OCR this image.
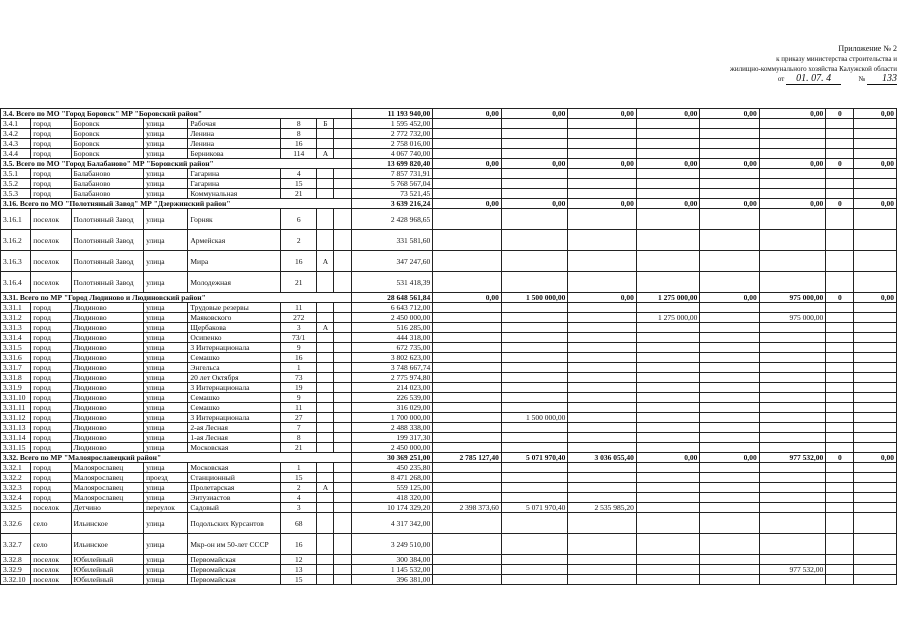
Приложение № 2
к приказу министерства строительства и
жилищно-коммунального хозяйства Калужской области
от 01. 07. 4	№ 133
3.4. Всего по МО "Город Боровск" МР "Боровский район"								11 193 940,00	0,00	0,00	0,00	0,00	0,00	0,00	0	0,00
3.4.1	город	Боровск	улица	Рабочая	8	Б		1 595 452,00								
3.4.2	город	Боровск	улица	Ленина	8			2 772 732,00								
3.4.3	город	Боровск	улица	Ленина	16			2 758 016,00								
3.4.4	город	Боровск	улица	Берникова	114	А		4 067 740,00								
3.5. Всего по МО "Город Балабаново" МР "Боровский район"								13 699 820,40	0,00	0,00	0,00	0,00	0,00	0,00	0	0,00
3.5.1	город	Балабаново	улица	Гагарина	4			7 857 731,91								
3.5.2	город	Балабаново	улица	Гагарина	15			5 768 567,04								
3.5.3	город	Балабаново	улица	Коммунальная	21			73 521,45								
3.16. Всего по МО "Полотняный Завод" МР "Дзержинский район"								3 639 216,24	0,00	0,00	0,00	0,00	0,00	0,00	0	0,00
3.16.1	поселок	Полотняный Завод	улица	Горняк	6			2 428 968,65								
3.16.2	поселок	Полотняный Завод	улица	Армейская	2			331 581,60								
3.16.3	поселок	Полотняный Завод	улица	Мира	16	А		347 247,60								
3.16.4	поселок	Полотняный Завод	улица	Молодежная	21			531 418,39								
3.31. Всего по МР "Город Людиново и Людиновский район"								28 648 561,84	0,00	1 500 000,00	0,00	1 275 000,00	0,00	975 000,00	0	0,00
3.31.1	город	Людиново	улица	Трудовые резервы	11			6 643 712,00								
3.31.2	город	Людиново	улица	Маяковского	272			2 450 000,00				1 275 000,00		975 000,00		
3.31.3	город	Людиново	улица	Щербакова	3	А		516 285,00								
3.31.4	город	Людиново	улица	Осипенко	73/1			444 318,00								
3.31.5	город	Людиново	улица	3 Интернационала	9			672 735,00								
3.31.6	город	Людиново	улица	Семашко	16			3 802 623,00								
3.31.7	город	Людиново	улица	Энгельса	1			3 748 667,74								
3.31.8	город	Людиново	улица	20 лет Октября	73			2 775 974,80								
3.31.9	город	Людиново	улица	3 Интернационала	19			214 023,00								
3.31.10	город	Людиново	улица	Семашко	9			226 539,00								
3.31.11	город	Людиново	улица	Семашко	11			316 029,00								
3.31.12	город	Людиново	улица	3 Интернационала	27			1 700 000,00		1 500 000,00						
3.31.13	город	Людиново	улица	2-ая Лесная	7			2 488 338,00								
3.31.14	город	Людиново	улица	1-ая Лесная	8			199 317,30								
3.31.15	город	Людиново	улица	Московская	21			2 450 000,00								
3.32. Всего по МР "Малоярославецкий район"								30 369 251,00	2 785 127,40	5 071 970,40	3 036 055,40	0,00	0,00	977 532,00	0	0,00
3.32.1	город	Малоярославец	улица	Московская	1			450 235,80								
3.32.2	город	Малоярославец	проезд	Станционный	15			8 471 268,00								
3.32.3	город	Малоярославец	улица	Пролетарская	2	А		559 125,00								
3.32.4	город	Малоярославец	улица	Энтузиастов	4			418 320,00								
3.32.5	поселок	Детчино	переулок	Садовый	3			10 174 329,20	2 398 373,60	5 071 970,40	2 535 985,20					
3.32.6	село	Ильинское	улица	Подольских Курсантов	68			4 317 342,00								
3.32.7	село	Ильинское	улица	Мкр-он им 50-лет СССР	16			3 249 510,00								
3.32.8	поселок	Юбилейный	улица	Первомайская	12			300 384,00								
3.32.9	поселок	Юбилейный	улица	Первомайская	13			1 145 532,00						977 532,00		
3.32.10	поселок	Юбилейный	улица	Первомайская	15			396 381,00								
